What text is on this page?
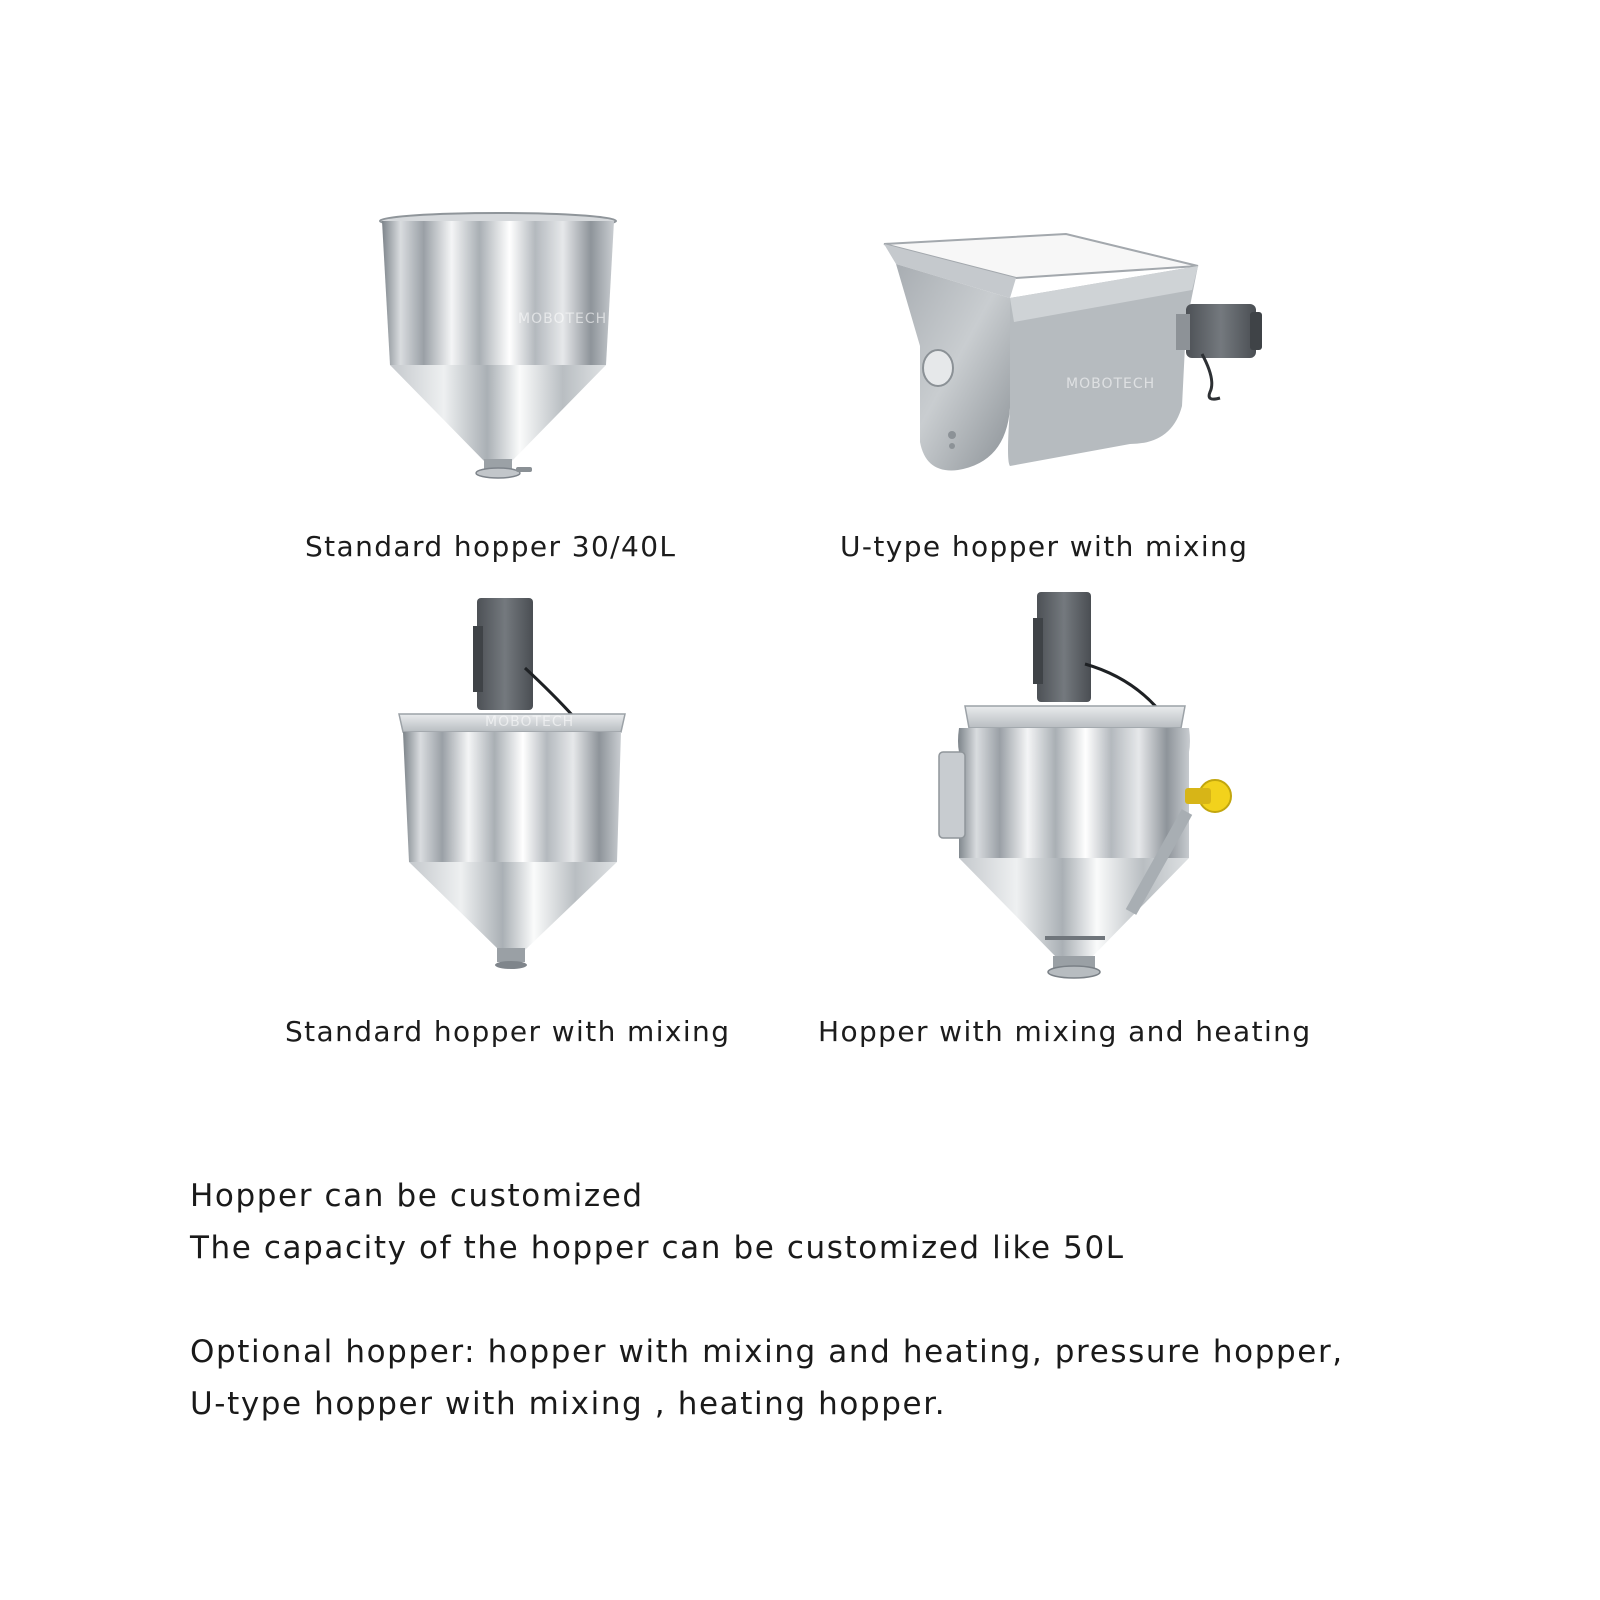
MOBOTECH
Standard hopper 30/40L
MOBOTECH
U-type hopper with mixing
MOBOTECH
Standard hopper with mixing	Hopper with mixing and heating

Hopper can be customized

The capacity of the hopper can be customized like 50L

Optional hopper: hopper with mixing and heating, pressure hopper,

U-type hopper with mixing , heating hopper.
